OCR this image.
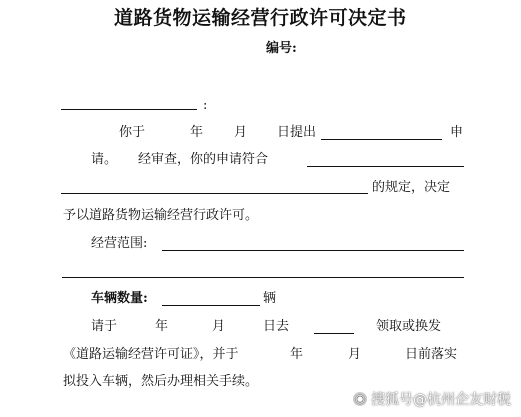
道路货物运输经营行政许可决定书
编号:
:
你于	年 月 日提出	申
请。 经审查，你的申请符合
的规定，决定
予以道路货物运输经营行政许可。
经营范围:
车辆数量:	辆
请于	年	月	日去	领取或换发
《道路运输经营许可证》，并于	年	月	日前落实
拟投入车辆，然后办理相关手续。
◉ 搜狐号@杭州企友财税
